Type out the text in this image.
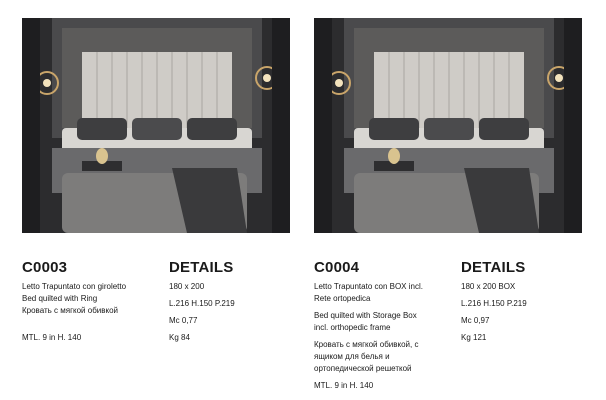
C0003	DETAILS
Letto Trapuntato con giroletto
Bed quilted with Ring
Кровать с мягкой обивкой
MTL. 9 in H. 140
180 x 200
L.216 H.150 P.219
Mc 0,77
Kg 84
C0004	DETAILS
Letto Trapuntato con BOX incl.
Rete ortopedica
Bed quilted with Storage Box
incl. orthopedic frame
Кровать с мягкой обивкой, с
ящиком для белья и
ортопедической решеткой
MTL. 9 in H. 140
180 x 200 BOX
L.216 H.150 P.219
Mc 0,97
Kg 121
